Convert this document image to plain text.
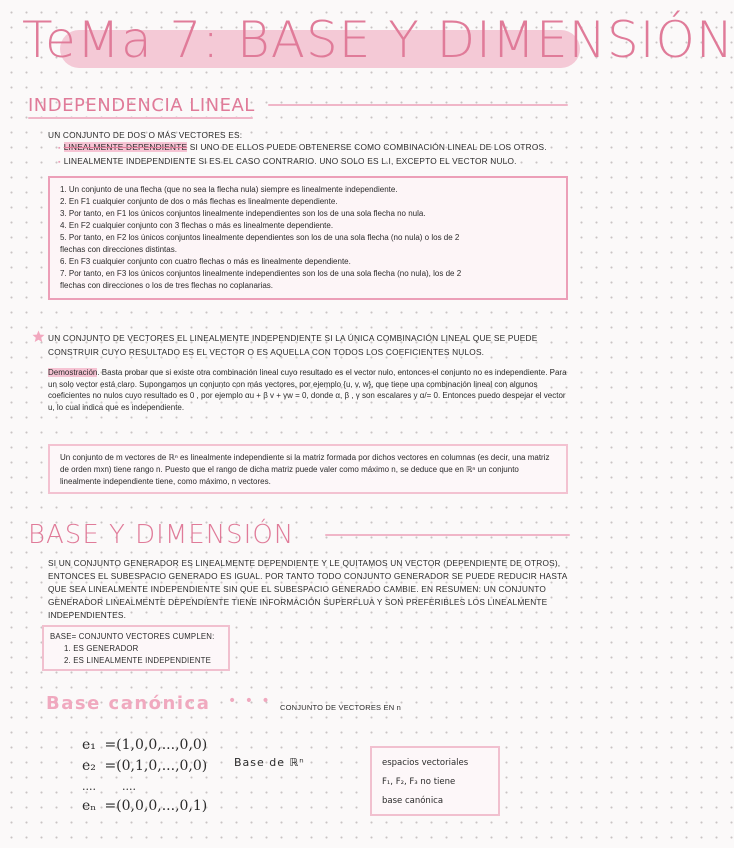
TeMa 7: BASE Y DIMENSIÓN
INDEPENDENCIA LINEAL
UN CONJUNTO DE DOS O MÁS VECTORES ES:
▪ LINEALMENTE DEPENDIENTE SI UNO DE ELLOS PUEDE OBTENERSE COMO COMBINACIÓN LINEAL DE LOS OTROS.
▪ LINEALMENTE INDEPENDIENTE SI ES EL CASO CONTRARIO. UNO SOLO ES L.I, EXCEPTO EL VECTOR NULO.
1. Un conjunto de una flecha (que no sea la flecha nula) siempre es linealmente independiente.
2. En F1 cualquier conjunto de dos o más flechas es linealmente dependiente.
3. Por tanto, en F1 los únicos conjuntos linealmente independientes son los de una sola flecha no nula.
4. En F2 cualquier conjunto con 3 flechas o más es linealmente dependiente.
5. Por tanto, en F2 los únicos conjuntos linealmente dependientes son los de una sola flecha (no nula) o los de 2
flechas con direcciones distintas.
6. En F3 cualquier conjunto con cuatro flechas o más es linealmente dependiente.
7. Por tanto, en F3 los únicos conjuntos linealmente independientes son los de una sola flecha (no nula), los de 2
flechas con direcciones o los de tres flechas no coplanarias.
UN CONJUNTO DE VECTORES EL LINEALMENTE INDEPENDIENTE SI LA ÚNICA COMBINACIÓN LINEAL QUE SE PUEDE CONSTRUIR CUYO RESULTADO ES EL VECTOR O ES AQUELLA CON TODOS LOS COEFICIENTES NULOS.
Demostración. Basta probar que si existe otra combinación lineal cuyo resultado es el vector nulo, entonces el conjunto no es independiente. Para un solo vector está claro. Supongamos un conjunto con más vectores, por ejemplo {u, v, w}, que tiene una combinación lineal con algunos coeficientes no nulos cuyo resultado es 0 , por ejemplo αu + β v + γw = 0, donde α, β , γ son escalares y α/= 0. Entonces puedo despejar el vector u, lo cual indica que es independiente.
Un conjunto de m vectores de ℝⁿ es linealmente independiente si la matriz formada por dichos vectores en columnas (es decir, una matriz de orden mxn) tiene rango n. Puesto que el rango de dicha matriz puede valer como máximo n, se deduce que en ℝⁿ un conjunto linealmente independiente tiene, como máximo, n vectores.
BASE Y DIMENSIÓN
SI UN CONJUNTO GENERADOR ES LINEALMENTE DEPENDIENTE Y LE QUITAMOS UN VECTOR (DEPENDIENTE DE OTROS), ENTONCES EL SUBESPACIO GENERADO ES IGUAL. POR TANTO TODO CONJUNTO GENERADOR SE PUEDE REDUCIR HASTA QUE SEA LINEALMENTE INDEPENDIENTE SIN QUE EL SUBESPACIO GENERADO CAMBIE. EN RESUMEN: UN CONJUNTO GENERADOR LINEALMENTE DEPENDIENTE TIENE INFORMACIÓN SUPERFLUA Y SON PREFERIBLES LOS LINEALMENTE INDEPENDIENTES.
BASE= CONJUNTO VECTORES CUMPLEN:
1. ES GENERADOR
2. ES LINEALMENTE INDEPENDIENTE
Base canónica • • • CONJUNTO DE VECTORES EN n
e₁ =(1,0,0,...,0,0)
e₂ =(0,1,0,...,0,0)
.... ....
eₙ =(0,0,0,...,0,1)
Base de ℝⁿ	espacios vectoriales
F₁, F₂, F₃ no tiene
base canónica
